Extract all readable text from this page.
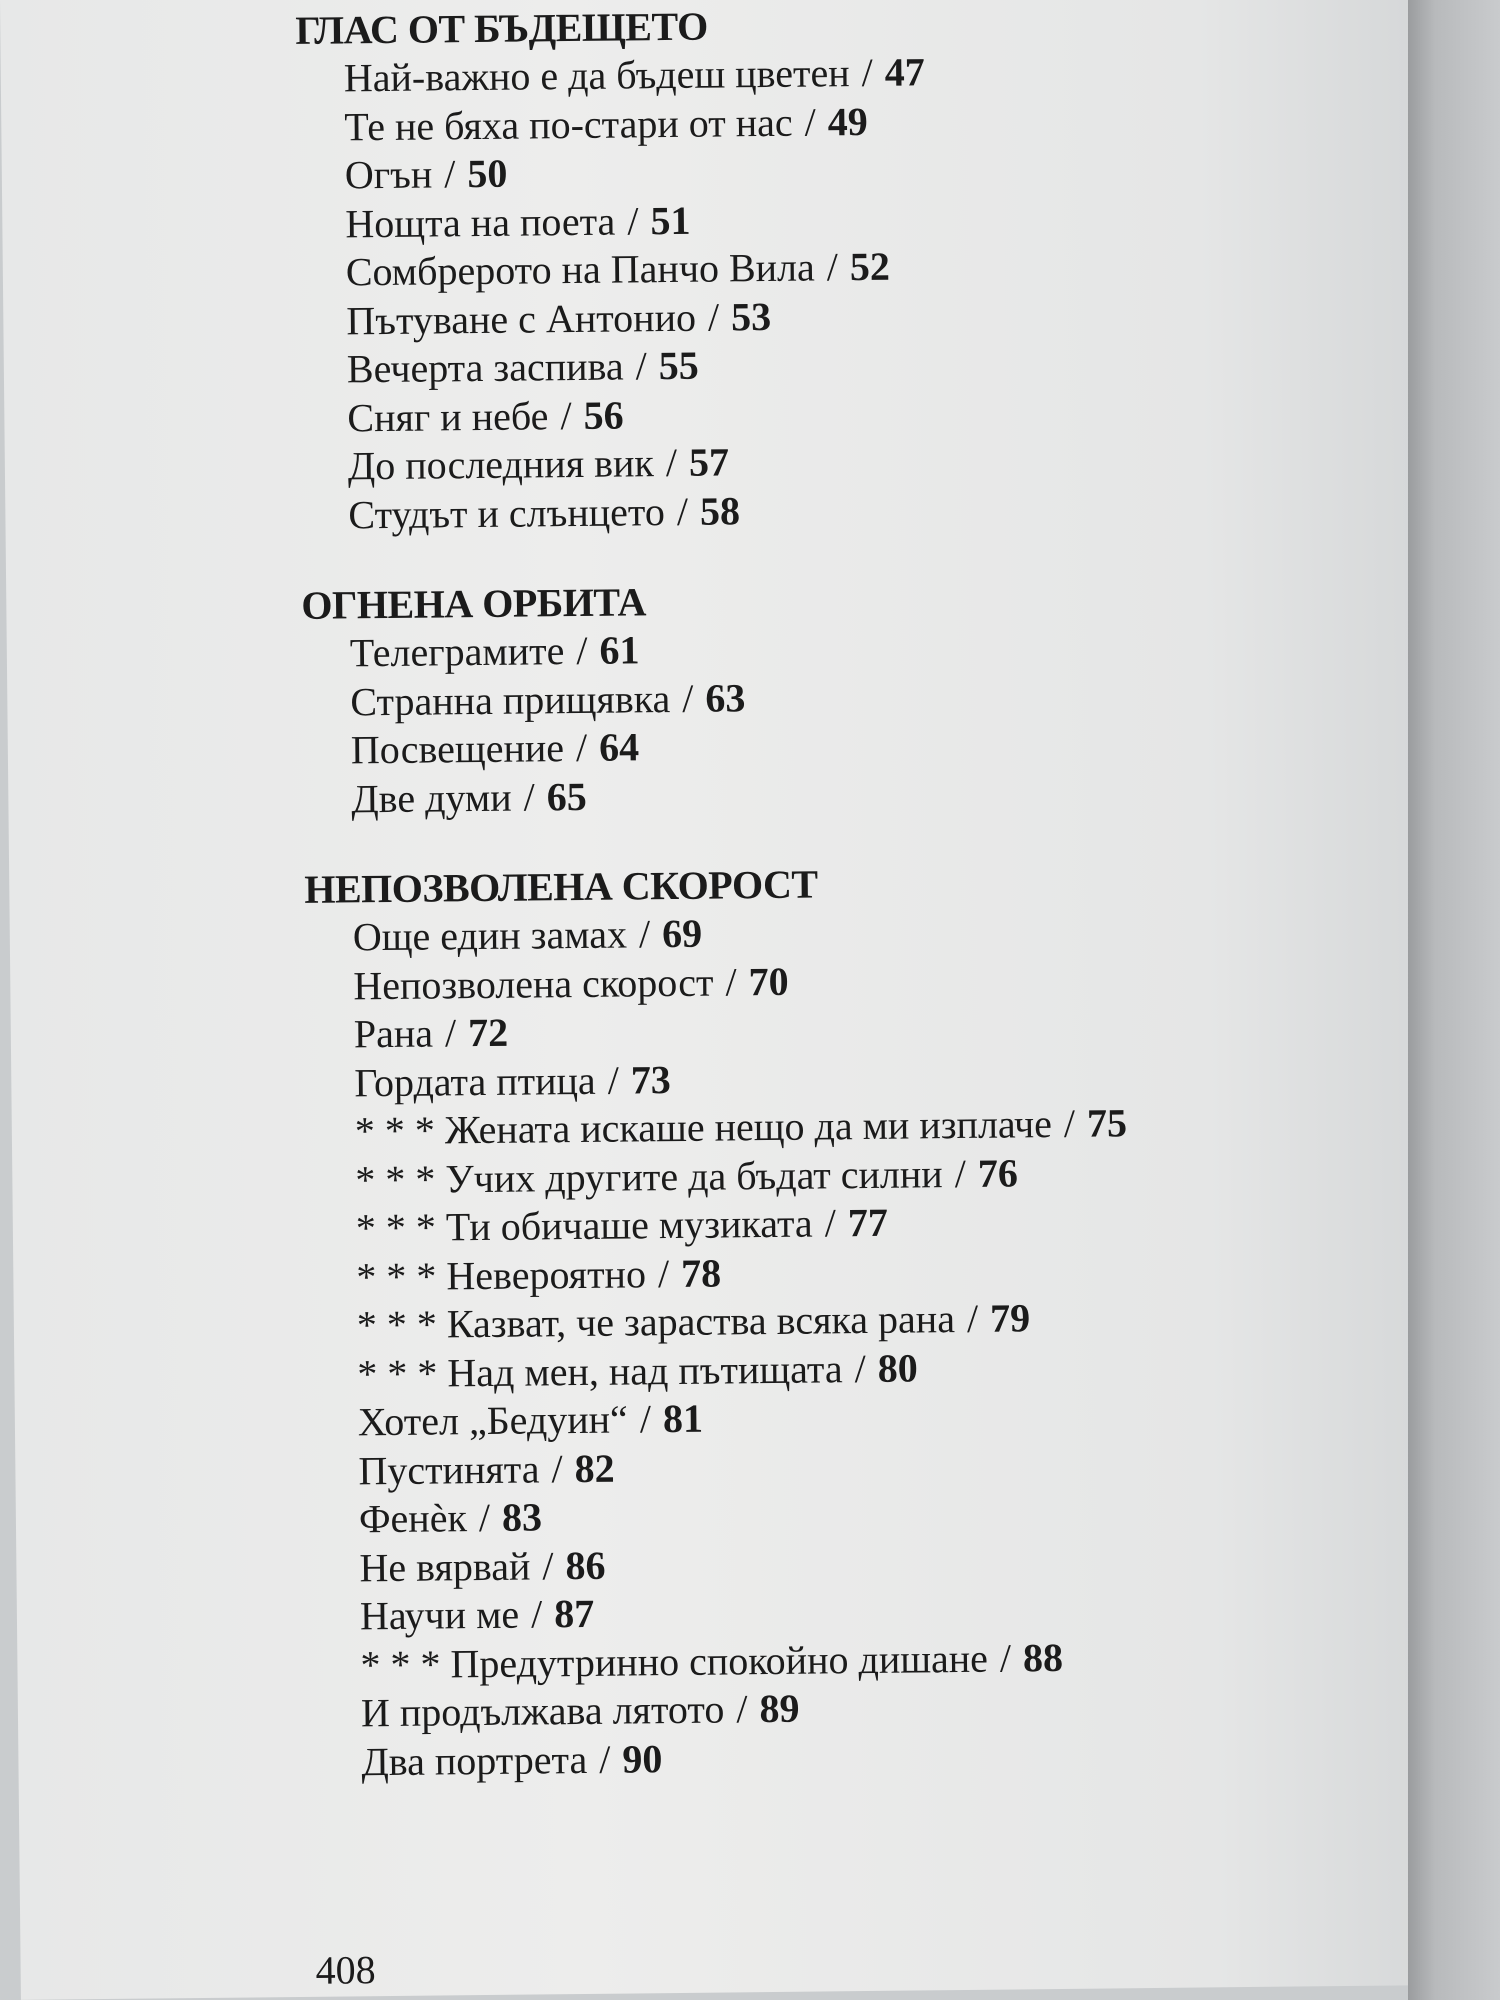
ГЛАС ОТ БЪДЕЩЕТО
Най-важно е да бъдеш цветен / 47
Те не бяха по-стари от нас / 49
Огън / 50
Нощта на поета / 51
Сомбрерото на Панчо Вила / 52
Пътуване с Антонио / 53
Вечерта заспива / 55
Сняг и небе / 56
До последния вик / 57
Студът и слънцето / 58
ОГНЕНА ОРБИТА
Телеграмите / 61
Странна прищявка / 63
Посвещение / 64
Две думи / 65
НЕПОЗВОЛЕНА СКОРОСТ
Още един замах / 69
Непозволена скорост / 70
Рана / 72
Гордата птица / 73
* * * Жената искаше нещо да ми изплаче / 75
* * * Учих другите да бъдат силни / 76
* * * Ти обичаше музиката / 77
* * * Невероятно / 78
* * * Казват, че зараства всяка рана / 79
* * * Над мен, над пътищата / 80
Хотел „Бедуин“ / 81
Пустинята / 82
Фенѐк / 83
Не вярвай / 86
Научи ме / 87
* * * Предутринно спокойно дишане / 88
И продължава лятото / 89
Два портрета / 90
408
